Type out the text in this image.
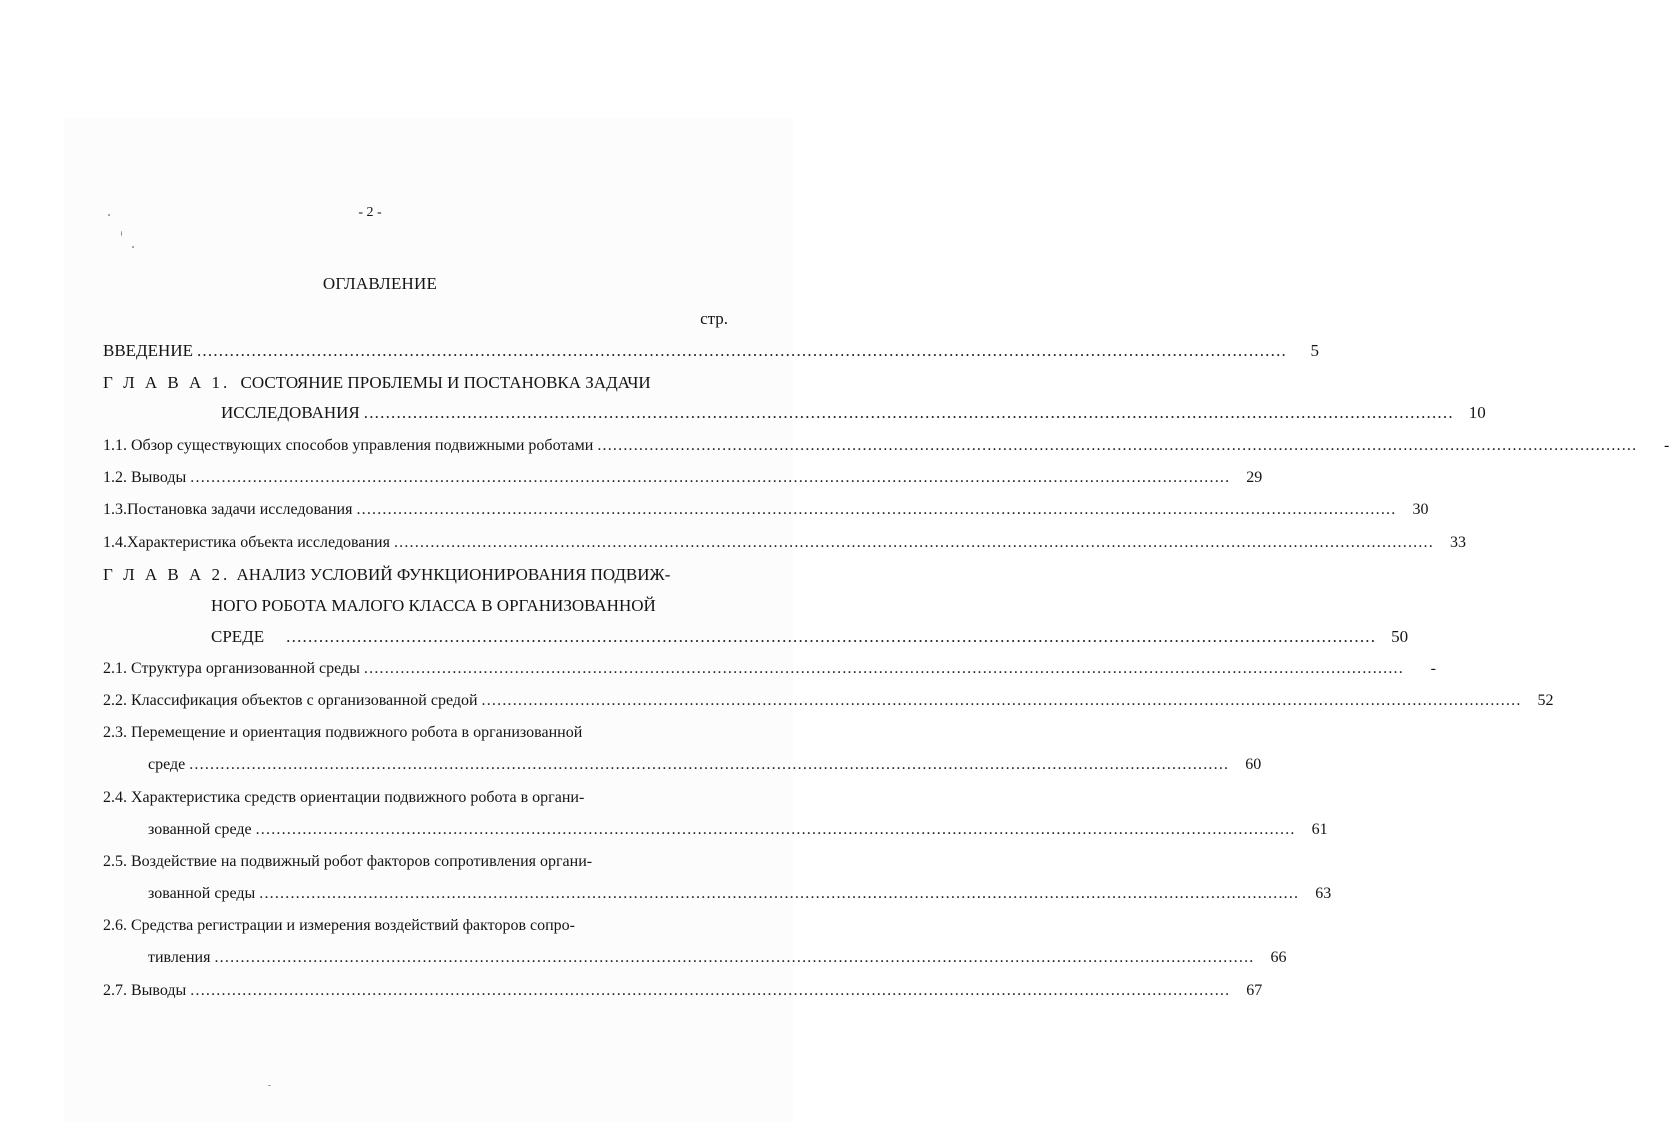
- 2 -
ОГЛАВЛЕНИЕ
стр.
ВВЕДЕНИЕ ........................................................................................................................................................................................................	5
Г Л А В А 1. СОСТОЯНИЕ ПРОБЛЕМЫ И ПОСТАНОВКА ЗАДАЧИ
ИССЛЕДОВАНИЯ ........................................................................................................................................................................................................ 10
1.1. Обзор существующих способов управления подвижными роботами ........................................................................................................................................................................................................	-
1.2. Выводы ........................................................................................................................................................................................................	29
1.3.Постановка задачи исследования ........................................................................................................................................................................................................	30
1.4.Характеристика объекта исследования ........................................................................................................................................................................................................	33
Г Л А В А 2. АНАЛИЗ УСЛОВИЙ ФУНКЦИОНИРОВАНИЯ ПОДВИЖ-
НОГО РОБОТА МАЛОГО КЛАССА В ОРГАНИЗОВАННОЙ
СРЕДЕ ........................................................................................................................................................................................................ 50
2.1. Структура организованной среды ........................................................................................................................................................................................................	-
2.2. Классификация объектов с организованной средой ........................................................................................................................................................................................................	52
2.3. Перемещение и ориентация подвижного робота в организованной
среде ........................................................................................................................................................................................................	60
2.4. Характеристика средств ориентации подвижного робота в органи-
зованной среде ........................................................................................................................................................................................................	61
2.5. Воздействие на подвижный робот факторов сопротивления органи-
зованной среды ........................................................................................................................................................................................................	63
2.6. Средства регистрации и измерения воздействий факторов сопро-
тивления ........................................................................................................................................................................................................	66
2.7. Выводы ........................................................................................................................................................................................................	67
